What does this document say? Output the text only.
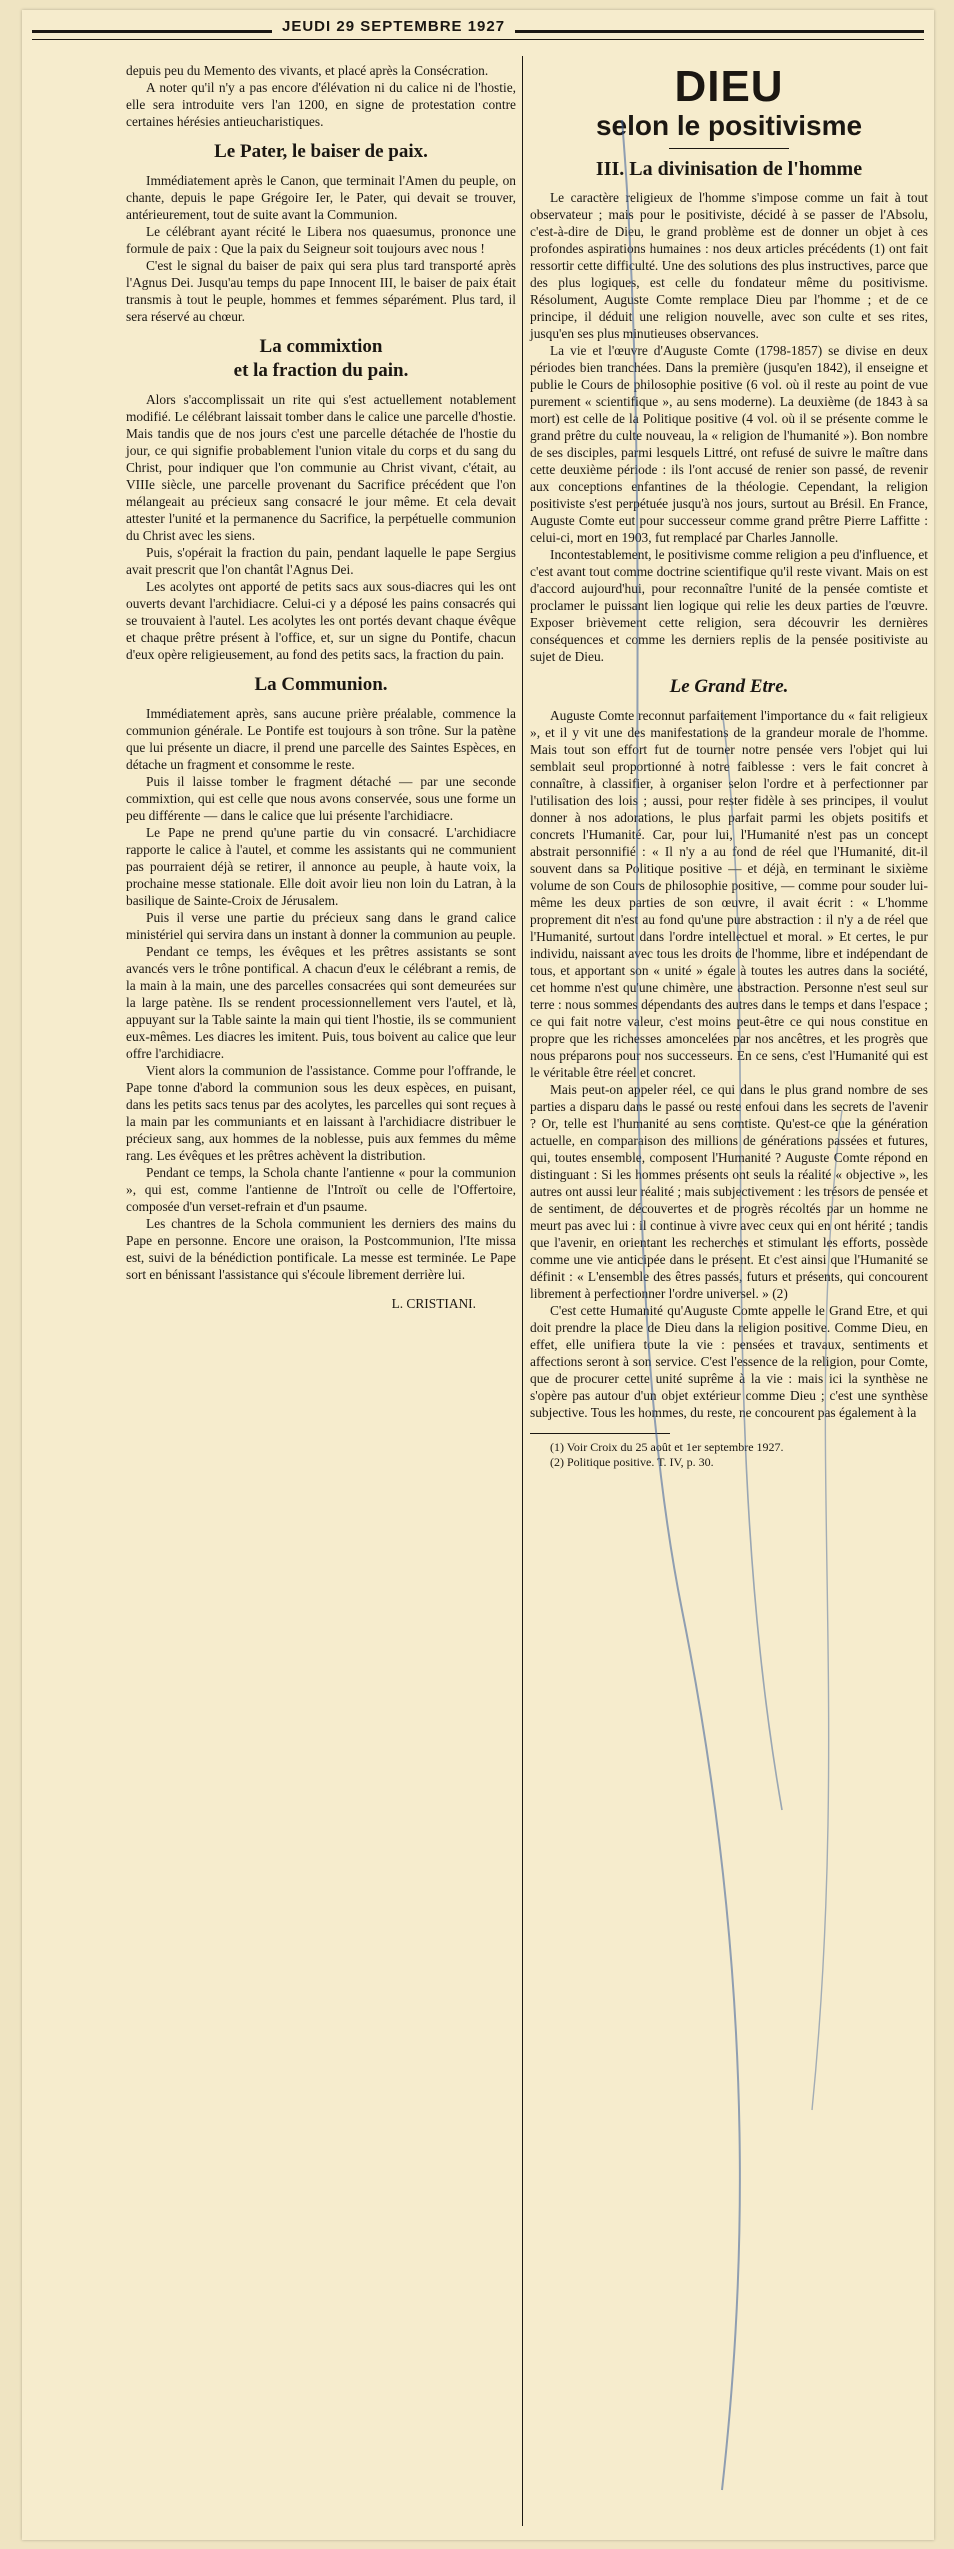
JEUDI 29 SEPTEMBRE 1927

depuis peu du Memento des vivants, et placé après la Consécration.

A noter qu'il n'y a pas encore d'élévation ni du calice ni de l'hostie, elle sera introduite vers l'an 1200, en signe de protestation contre certaines hérésies antieucharistiques.

Le Pater, le baiser de paix.

Immédiatement après le Canon, que terminait l'Amen du peuple, on chante, depuis le pape Grégoire Ier, le Pater, qui devait se trouver, antérieurement, tout de suite avant la Communion.

Le célébrant ayant récité le Libera nos quaesumus, prononce une formule de paix : Que la paix du Seigneur soit toujours avec nous !

C'est le signal du baiser de paix qui sera plus tard transporté après l'Agnus Dei. Jusqu'au temps du pape Innocent III, le baiser de paix était transmis à tout le peuple, hommes et femmes séparément. Plus tard, il sera réservé au chœur.

La commixtion
et la fraction du pain.

Alors s'accomplissait un rite qui s'est actuellement notablement modifié. Le célébrant laissait tomber dans le calice une parcelle d'hostie. Mais tandis que de nos jours c'est une parcelle détachée de l'hostie du jour, ce qui signifie probablement l'union vitale du corps et du sang du Christ, pour indiquer que l'on communie au Christ vivant, c'était, au VIIIe siècle, une parcelle provenant du Sacrifice précédent que l'on mélangeait au précieux sang consacré le jour même. Et cela devait attester l'unité et la permanence du Sacrifice, la perpétuelle communion du Christ avec les siens.

Puis, s'opérait la fraction du pain, pendant laquelle le pape Sergius avait prescrit que l'on chantât l'Agnus Dei.

Les acolytes ont apporté de petits sacs aux sous-diacres qui les ont ouverts devant l'archidiacre. Celui-ci y a déposé les pains consacrés qui se trouvaient à l'autel. Les acolytes les ont portés devant chaque évêque et chaque prêtre présent à l'office, et, sur un signe du Pontife, chacun d'eux opère religieusement, au fond des petits sacs, la fraction du pain.

La Communion.

Immédiatement après, sans aucune prière préalable, commence la communion générale. Le Pontife est toujours à son trône. Sur la patène que lui présente un diacre, il prend une parcelle des Saintes Espèces, en détache un fragment et consomme le reste.

Puis il laisse tomber le fragment détaché — par une seconde commixtion, qui est celle que nous avons conservée, sous une forme un peu différente — dans le calice que lui présente l'archidiacre.

Le Pape ne prend qu'une partie du vin consacré. L'archidiacre rapporte le calice à l'autel, et comme les assistants qui ne communient pas pourraient déjà se retirer, il annonce au peuple, à haute voix, la prochaine messe stationale. Elle doit avoir lieu non loin du Latran, à la basilique de Sainte-Croix de Jérusalem.

Puis il verse une partie du précieux sang dans le grand calice ministériel qui servira dans un instant à donner la communion au peuple.

Pendant ce temps, les évêques et les prêtres assistants se sont avancés vers le trône pontifical. A chacun d'eux le célébrant a remis, de la main à la main, une des parcelles consacrées qui sont demeurées sur la large patène. Ils se rendent processionnellement vers l'autel, et là, appuyant sur la Table sainte la main qui tient l'hostie, ils se communient eux-mêmes. Les diacres les imitent. Puis, tous boivent au calice que leur offre l'archidiacre.

Vient alors la communion de l'assistance. Comme pour l'offrande, le Pape tonne d'abord la communion sous les deux espèces, en puisant, dans les petits sacs tenus par des acolytes, les parcelles qui sont reçues à la main par les communiants et en laissant à l'archidiacre distribuer le précieux sang, aux hommes de la noblesse, puis aux femmes du même rang. Les évêques et les prêtres achèvent la distribution.

Pendant ce temps, la Schola chante l'antienne « pour la communion », qui est, comme l'antienne de l'Introït ou celle de l'Offertoire, composée d'un verset-refrain et d'un psaume.

Les chantres de la Schola communient les derniers des mains du Pape en personne. Encore une oraison, la Postcommunion, l'Ite missa est, suivi de la bénédiction pontificale. La messe est terminée. Le Pape sort en bénissant l'assistance qui s'écoule librement derrière lui.

L. CRISTIANI.
DIEU
selon le positivisme
III. La divinisation de l'homme

Le caractère religieux de l'homme s'impose comme un fait à tout observateur ; mais pour le positiviste, décidé à se passer de l'Absolu, c'est-à-dire de Dieu, le grand problème est de donner un objet à ces profondes aspirations humaines : nos deux articles précédents (1) ont fait ressortir cette difficulté. Une des solutions des plus instructives, parce que des plus logiques, est celle du fondateur même du positivisme. Résolument, Auguste Comte remplace Dieu par l'homme ; et de ce principe, il déduit une religion nouvelle, avec son culte et ses rites, jusqu'en ses plus minutieuses observances.

La vie et l'œuvre d'Auguste Comte (1798-1857) se divise en deux périodes bien tranchées. Dans la première (jusqu'en 1842), il enseigne et publie le Cours de philosophie positive (6 vol. où il reste au point de vue purement « scientifique », au sens moderne). La deuxième (de 1843 à sa mort) est celle de la Politique positive (4 vol. où il se présente comme le grand prêtre du culte nouveau, la « religion de l'humanité »). Bon nombre de ses disciples, parmi lesquels Littré, ont refusé de suivre le maître dans cette deuxième période : ils l'ont accusé de renier son passé, de revenir aux conceptions enfantines de la théologie. Cependant, la religion positiviste s'est perpétuée jusqu'à nos jours, surtout au Brésil. En France, Auguste Comte eut pour successeur comme grand prêtre Pierre Laffitte : celui-ci, mort en 1903, fut remplacé par Charles Jannolle.

Incontestablement, le positivisme comme religion a peu d'influence, et c'est avant tout comme doctrine scientifique qu'il reste vivant. Mais on est d'accord aujourd'hui, pour reconnaître l'unité de la pensée comtiste et proclamer le puissant lien logique qui relie les deux parties de l'œuvre. Exposer brièvement cette religion, sera découvrir les dernières conséquences et comme les derniers replis de la pensée positiviste au sujet de Dieu.

Le Grand Etre.

Auguste Comte reconnut parfaitement l'importance du « fait religieux », et il y vit une des manifestations de la grandeur morale de l'homme. Mais tout son effort fut de tourner notre pensée vers l'objet qui lui semblait seul proportionné à notre faiblesse : vers le fait concret à connaître, à classifier, à organiser selon l'ordre et à perfectionner par l'utilisation des lois ; aussi, pour rester fidèle à ses principes, il voulut donner à nos adorations, le plus parfait parmi les objets positifs et concrets l'Humanité. Car, pour lui, l'Humanité n'est pas un concept abstrait personnifié : « Il n'y a au fond de réel que l'Humanité, dit-il souvent dans sa Politique positive — et déjà, en terminant le sixième volume de son Cours de philosophie positive, — comme pour souder lui-même les deux parties de son œuvre, il avait écrit : « L'homme proprement dit n'est au fond qu'une pure abstraction : il n'y a de réel que l'Humanité, surtout dans l'ordre intellectuel et moral. » Et certes, le pur individu, naissant avec tous les droits de l'homme, libre et indépendant de tous, et apportant son « unité » égale à toutes les autres dans la société, cet homme n'est qu'une chimère, une abstraction. Personne n'est seul sur terre : nous sommes dépendants des autres dans le temps et dans l'espace ; ce qui fait notre valeur, c'est moins peut-être ce qui nous constitue en propre que les richesses amoncelées par nos ancêtres, et les progrès que nous préparons pour nos successeurs. En ce sens, c'est l'Humanité qui est le véritable être réel et concret.

Mais peut-on appeler réel, ce qui dans le plus grand nombre de ses parties a disparu dans le passé ou reste enfoui dans les secrets de l'avenir ? Or, telle est l'humanité au sens comtiste. Qu'est-ce que la génération actuelle, en comparaison des millions de générations passées et futures, qui, toutes ensemble, composent l'Humanité ? Auguste Comte répond en distinguant : Si les hommes présents ont seuls la réalité « objective », les autres ont aussi leur réalité ; mais subjectivement : les trésors de pensée et de sentiment, de découvertes et de progrès récoltés par un homme ne meurt pas avec lui : il continue à vivre avec ceux qui en ont hérité ; tandis que l'avenir, en orientant les recherches et stimulant les efforts, possède comme une vie anticipée dans le présent. Et c'est ainsi que l'Humanité se définit : « L'ensemble des êtres passés, futurs et présents, qui concourent librement à perfectionner l'ordre universel. » (2)

C'est cette Humanité qu'Auguste Comte appelle le Grand Etre, et qui doit prendre la place de Dieu dans la religion positive. Comme Dieu, en effet, elle unifiera toute la vie : pensées et travaux, sentiments et affections seront à son service. C'est l'essence de la religion, pour Comte, que de procurer cette unité suprême à la vie : mais ici la synthèse ne s'opère pas autour d'un objet extérieur comme Dieu ; c'est une synthèse subjective. Tous les hommes, du reste, ne concourent pas également à la

(1) Voir Croix du 25 août et 1er septembre 1927.
(2) Politique positive. T. IV, p. 30.
